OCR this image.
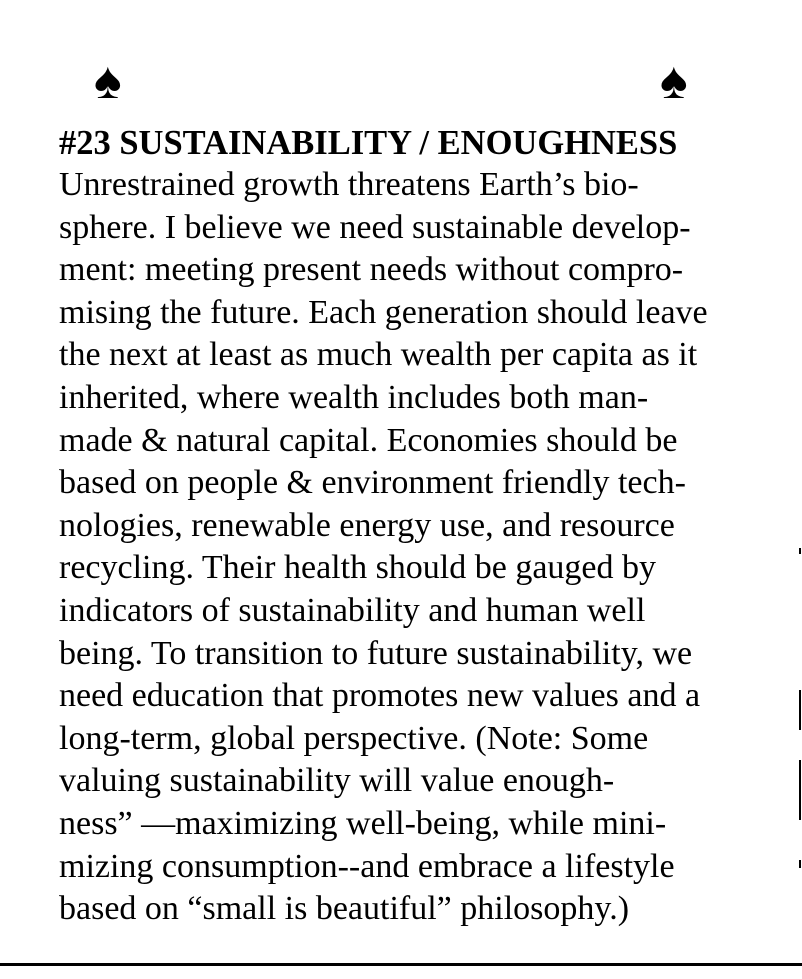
♠	♠
#23 SUSTAINABILITY / ENOUGHNESS
Unrestrained growth threatens Earth’s bio-
sphere. I believe we need sustainable develop-
ment: meeting present needs without compro-
mising the future. Each generation should leave
the next at least as much wealth per capita as it
inherited, where wealth includes both man-
made & natural capital. Economies should be
based on people & environment friendly tech-
nologies, renewable energy use, and resource
recycling. Their health should be gauged by
indicators of sustainability and human well
being. To transition to future sustainability, we
need education that promotes new values and a
long-term, global perspective. (Note: Some
valuing sustainability will value enough-
ness” —maximizing well-being, while mini-
mizing consumption--and embrace a lifestyle
based on “small is beautiful” philosophy.)
